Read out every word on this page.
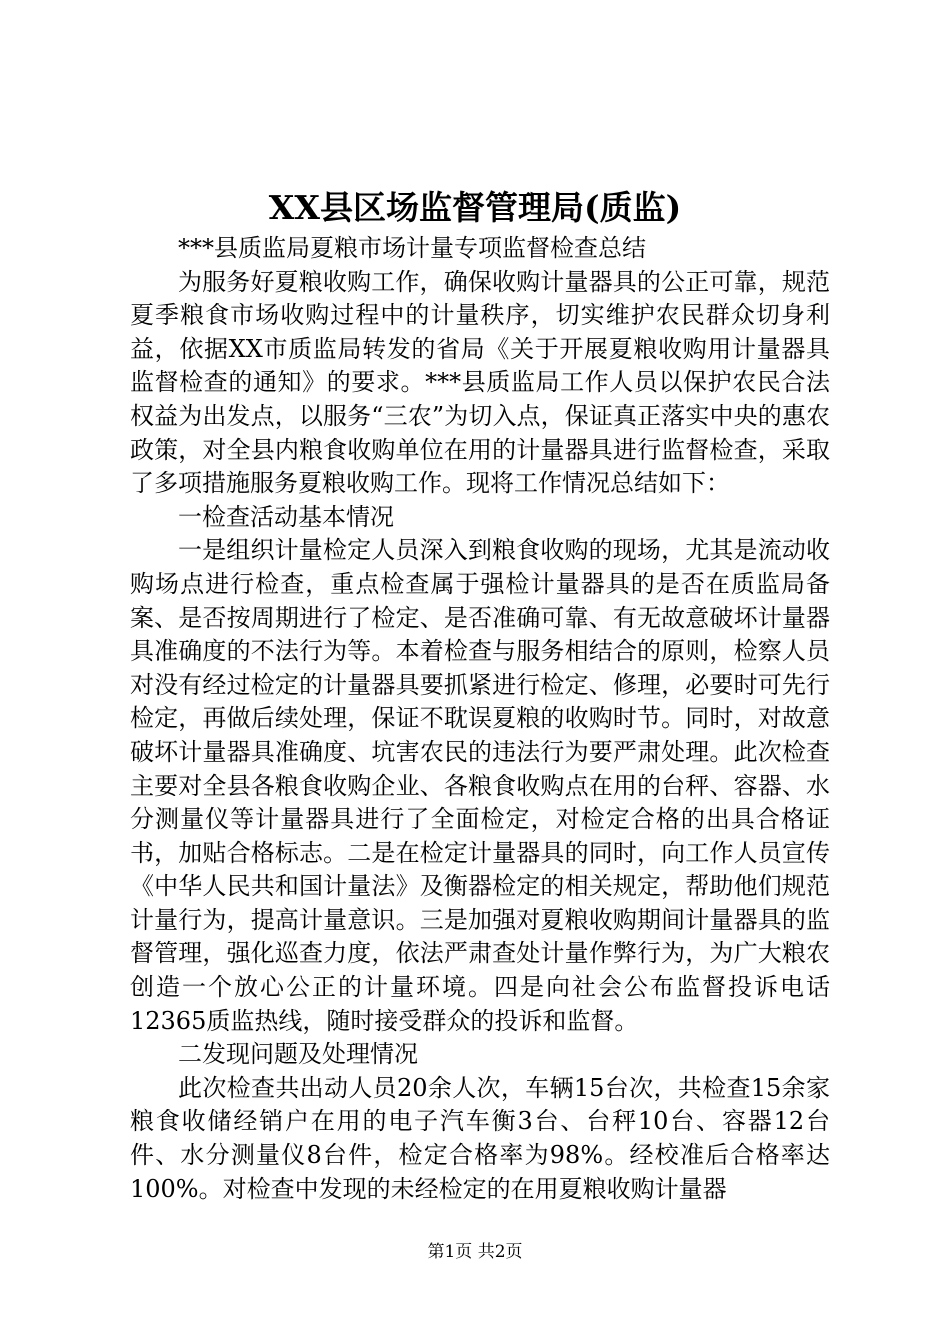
XX县区场监督管理局(质监)

***县质监局夏粮市场计量专项监督检查总结

为服务好夏粮收购工作，确保收购计量器具的公正可靠，规范夏季粮食市场收购过程中的计量秩序，切实维护农民群众切身利益，依据XX市质监局转发的省局《关于开展夏粮收购用计量器具监督检查的通知》的要求。***县质监局工作人员以保护农民合法权益为出发点，以服务“三农”为切入点，保证真正落实中央的惠农政策，对全县内粮食收购单位在用的计量器具进行监督检查，采取了多项措施服务夏粮收购工作。现将工作情况总结如下：

一检查活动基本情况

一是组织计量检定人员深入到粮食收购的现场，尤其是流动收购场点进行检查，重点检查属于强检计量器具的是否在质监局备案、是否按周期进行了检定、是否准确可靠、有无故意破坏计量器具准确度的不法行为等。本着检查与服务相结合的原则，检察人员对没有经过检定的计量器具要抓紧进行检定、修理，必要时可先行检定，再做后续处理，保证不耽误夏粮的收购时节。同时，对故意破坏计量器具准确度、坑害农民的违法行为要严肃处理。此次检查主要对全县各粮食收购企业、各粮食收购点在用的台秤、容器、水分测量仪等计量器具进行了全面检定，对检定合格的出具合格证书，加贴合格标志。二是在检定计量器具的同时，向工作人员宣传《中华人民共和国计量法》及衡器检定的相关规定，帮助他们规范计量行为，提高计量意识。三是加强对夏粮收购期间计量器具的监督管理，强化巡查力度，依法严肃查处计量作弊行为，为广大粮农创造一个放心公正的计量环境。四是向社会公布监督投诉电话12365质监热线，随时接受群众的投诉和监督。

二发现问题及处理情况

此次检查共出动人员20余人次，车辆15台次，共检查15余家粮食收储经销户在用的电子汽车衡3台、台秤10台、容器12台件、水分测量仪8台件，检定合格率为98%。经校准后合格率达100%。对检查中发现的未经检定的在用夏粮收购计量器

第1页 共2页
